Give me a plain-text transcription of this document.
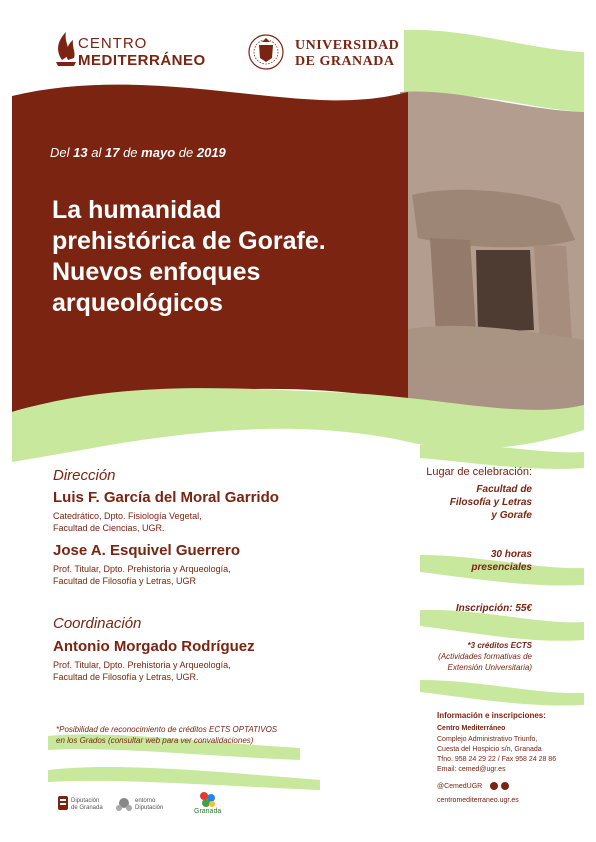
CENTRO
MEDITERRÁNEO
UNIVERSIDAD
DE GRANADA
Del 13 al 17 de mayo de 2019
La humanidad
prehistórica de Gorafe.
Nuevos enfoques
arqueológicos
Dirección
Luis F. García del Moral Garrido
Catedrático, Dpto. Fisiología Vegetal,
Facultad de Ciencias, UGR.
Jose A. Esquivel Guerrero
Prof. Titular, Dpto. Prehistoria y Arqueología,
Facultad de Filosofía y Letras, UGR
Coordinación
Antonio Morgado Rodríguez
Prof. Titular, Dpto. Prehistoria y Arqueología,
Facultad de Filosofía y Letras, UGR.
Lugar de celebración:
Facultad de
Filosofía y Letras
y Gorafe
30 horas
presenciales
Inscripción: 55€
*3 créditos ECTS
(Actividades formativas de
Extensión Universitaria)
*Posibilidad de reconocimiento de créditos ECTS OPTATIVOS
en los Grados (consultar web para ver convalidaciones)
Información e inscripciones:
Centro Mediterráneo
Complejo Administrativo Triunfo,
Cuesta del Hospicio s/n, Granada
Tfno. 958 24 29 22 / Fax 958 24 28 86
Email: cemed@ugr.es
@CemedUGR
centromediterraneo.ugr.es
Diputación
de Granada
entorno
Diputación	Granada
